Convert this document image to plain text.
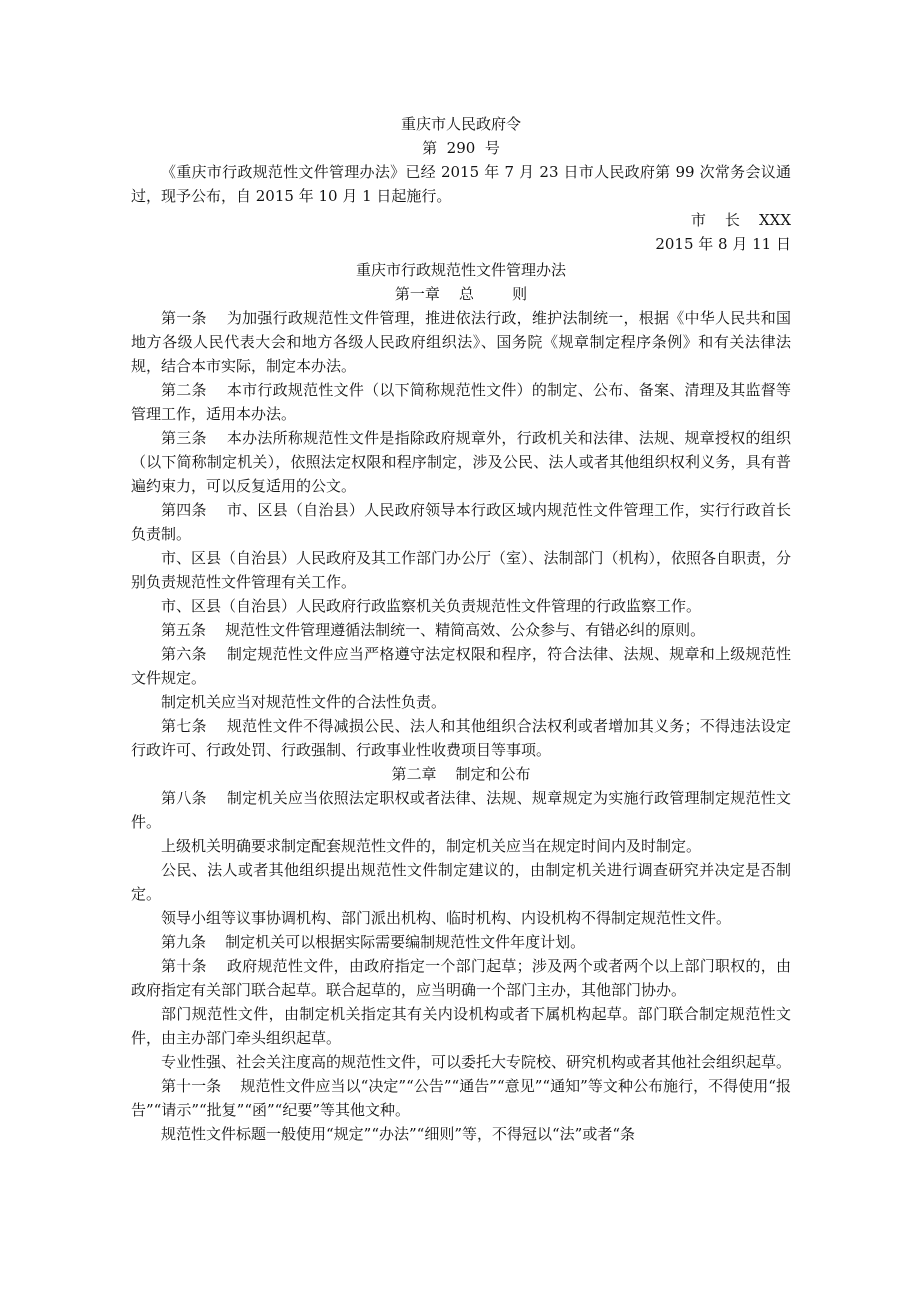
重庆市人民政府令

第  290  号

《重庆市行政规范性文件管理办法》已经 2015 年 7 月 23 日市人民政府第 99 次常务会议通过，现予公布，自 2015 年 10 月 1 日起施行。

市    长    XXX

2015 年 8 月 11 日

重庆市行政规范性文件管理办法

第一章    总        则

第一条    为加强行政规范性文件管理，推进依法行政，维护法制统一，根据《中华人民共和国地方各级人民代表大会和地方各级人民政府组织法》、国务院《规章制定程序条例》和有关法律法规，结合本市实际，制定本办法。

第二条    本市行政规范性文件（以下简称规范性文件）的制定、公布、备案、清理及其监督等管理工作，适用本办法。

第三条    本办法所称规范性文件是指除政府规章外，行政机关和法律、法规、规章授权的组织（以下简称制定机关），依照法定权限和程序制定，涉及公民、法人或者其他组织权利义务，具有普遍约束力，可以反复适用的公文。

第四条    市、区县（自治县）人民政府领导本行政区域内规范性文件管理工作，实行行政首长负责制。

市、区县（自治县）人民政府及其工作部门办公厅（室）、法制部门（机构），依照各自职责，分别负责规范性文件管理有关工作。

市、区县（自治县）人民政府行政监察机关负责规范性文件管理的行政监察工作。

第五条    规范性文件管理遵循法制统一、精简高效、公众参与、有错必纠的原则。

第六条    制定规范性文件应当严格遵守法定权限和程序，符合法律、法规、规章和上级规范性文件规定。

制定机关应当对规范性文件的合法性负责。

第七条    规范性文件不得减损公民、法人和其他组织合法权利或者增加其义务；不得违法设定行政许可、行政处罚、行政强制、行政事业性收费项目等事项。

第二章    制定和公布

第八条    制定机关应当依照法定职权或者法律、法规、规章规定为实施行政管理制定规范性文件。

上级机关明确要求制定配套规范性文件的，制定机关应当在规定时间内及时制定。

公民、法人或者其他组织提出规范性文件制定建议的，由制定机关进行调查研究并决定是否制定。

领导小组等议事协调机构、部门派出机构、临时机构、内设机构不得制定规范性文件。

第九条    制定机关可以根据实际需要编制规范性文件年度计划。

第十条    政府规范性文件，由政府指定一个部门起草；涉及两个或者两个以上部门职权的，由政府指定有关部门联合起草。联合起草的，应当明确一个部门主办，其他部门协办。

部门规范性文件，由制定机关指定其有关内设机构或者下属机构起草。部门联合制定规范性文件，由主办部门牵头组织起草。

专业性强、社会关注度高的规范性文件，可以委托大专院校、研究机构或者其他社会组织起草。

第十一条    规范性文件应当以“决定”“公告”“通告”“意见”“通知”等文种公布施行，不得使用“报告”“请示”“批复”“函”“纪要”等其他文种。

规范性文件标题一般使用“规定”“办法”“细则”等，不得冠以“法”或者“条
